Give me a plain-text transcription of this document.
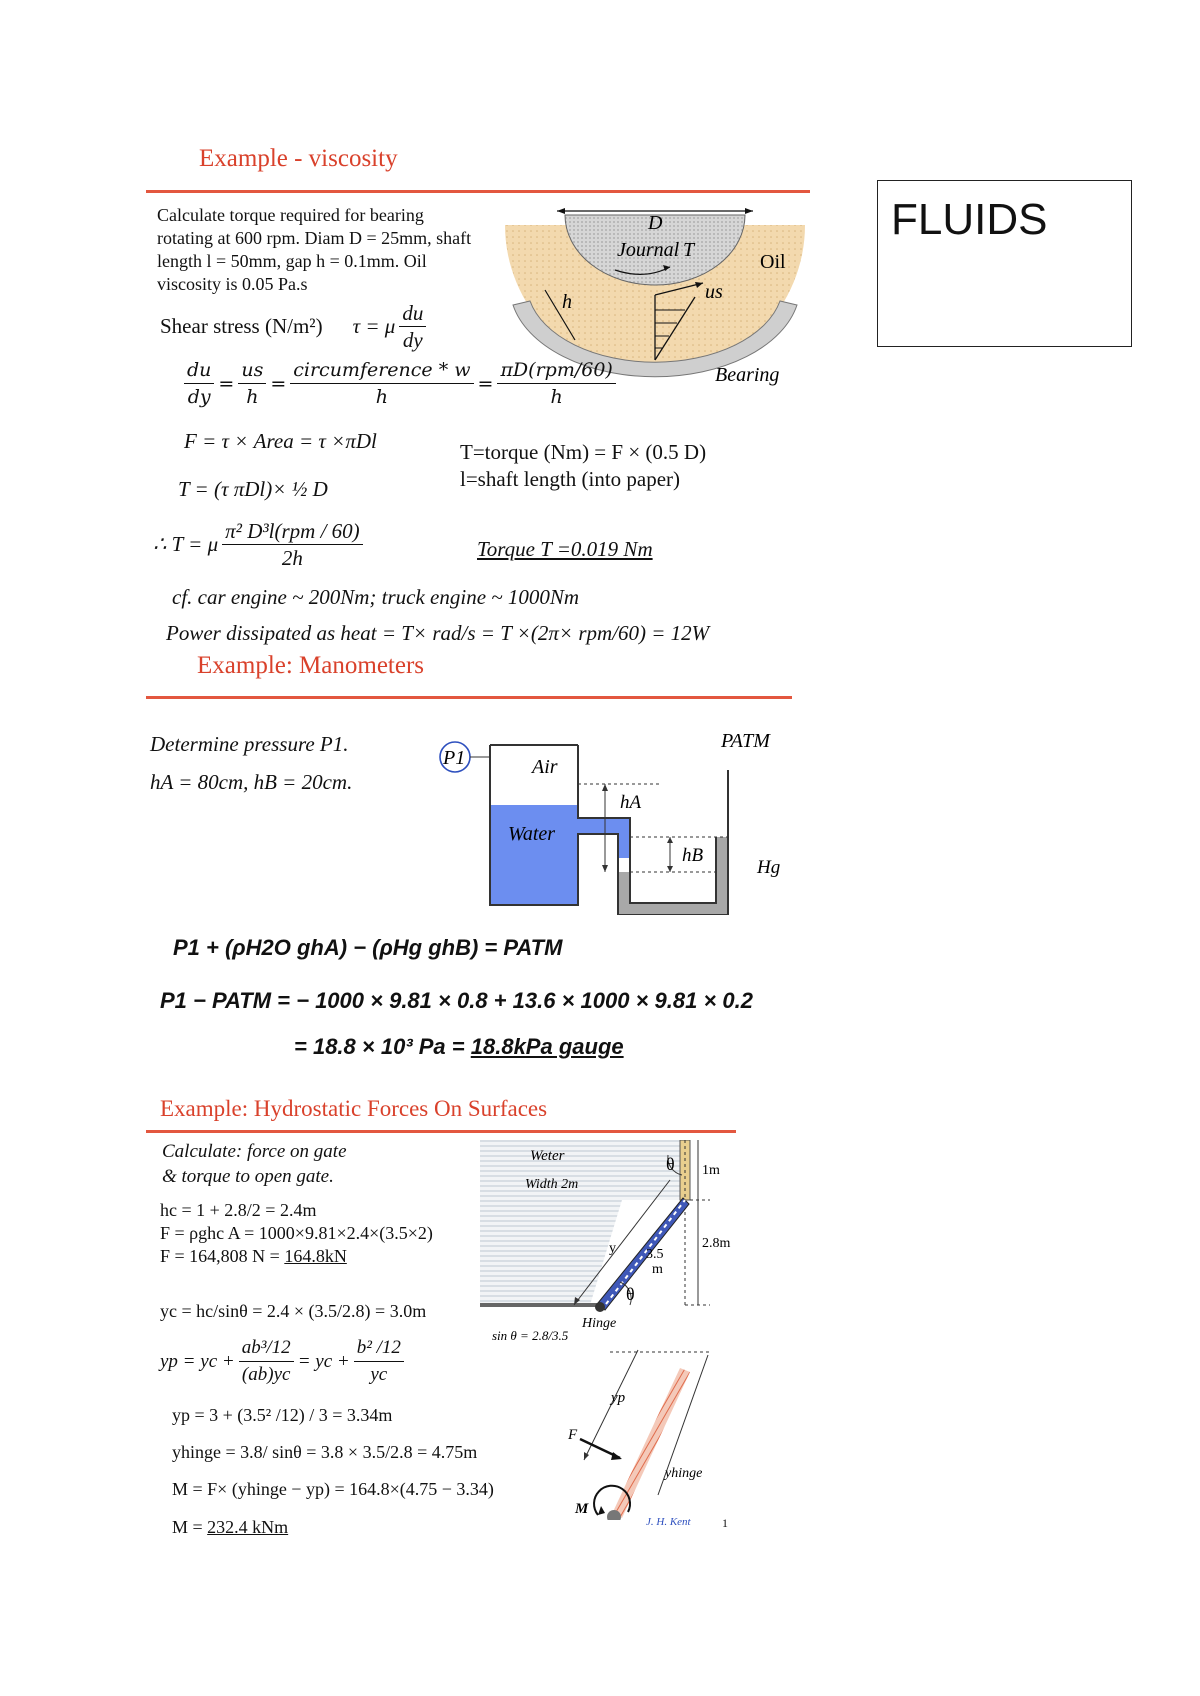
FLUIDS
Example - viscosity
Calculate torque required for bearing
rotating at 600 rpm. Diam D = 25mm, shaft
length l = 50mm, gap h = 0.1mm. Oil
viscosity is 0.05 Pa.s
D
Journal T
Oil
us
h
Bearing
Shear stress (N/m²) τ = μ $\frac{du}{dy}$
$\frac{du}{dy} = \frac{us}{h} = \frac{\text{circumference * w}}{h} = \frac{\text{πD(rpm/60)}}{h}$
F = τ × Area = τ ×πDl
T = (τ πDl)× ½ D
∴ T = μ $\frac{\text{π² D³l(rpm / 60)}}{2h}$
T=torque (Nm) = F × (0.5 D)
l=shaft length (into paper)
Torque T =0.019 Nm
cf. car engine ~ 200Nm; truck engine ~ 1000Nm
Power dissipated as heat = T× rad/s = T ×(2π× rpm/60) = 12W
Example: Manometers
Determine pressure P1.
hA = 80cm, hB = 20cm.
P1	Air
Water
hA
hB
PATM
Hg
P1 + (ρH2O ghA) − (ρHg ghB) = PATM
P1 − PATM = − 1000 × 9.81 × 0.8 + 13.6 × 1000 × 9.81 × 0.2
= 18.8 × 10³ Pa = 18.8kPa gauge
Example: Hydrostatic Forces On Surfaces
Calculate: force on gate
& torque to open gate.
hc = 1 + 2.8/2 = 2.4m
F = ρghc A = 1000×9.81×2.4×(3.5×2)
F = 164,808 N = 164.8kN
yc = hc/sinθ = 2.4 × (3.5/2.8) = 3.0m
yp = yc + $\frac{\text{ab³/12}}{(ab)yc}$ = yc + $\frac{\text{b² /12}}{yc}$
yp = 3 + (3.5² /12) / 3 = 3.34m
yhinge = 3.8/ sinθ = 3.8 × 3.5/2.8 = 4.75m
M = F× (yhinge − yp) = 164.8×(4.75 − 3.34)
M = 232.4 kNm
y
θ
θ
1m
2.8m
3.5
m
Weter
Width 2m
Hinge
sin θ = 2.8/3.5
yp
F
yhinge
M
J. H. Kent	1
